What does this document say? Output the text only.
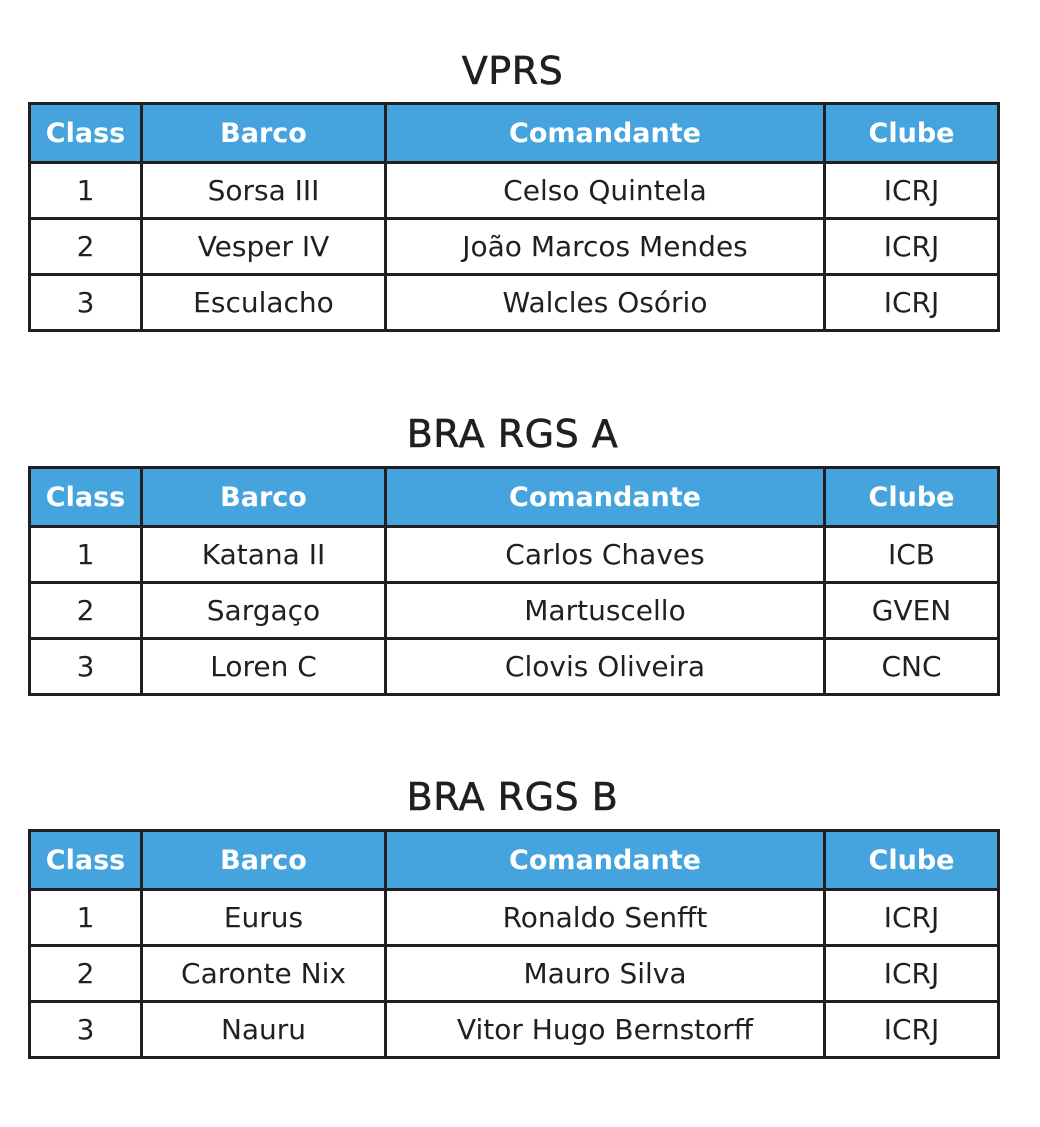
VPRS
Class	Barco	Comandante	Clube
1	Sorsa III	Celso Quintela	ICRJ
2	Vesper IV	João Marcos Mendes	ICRJ
3	Esculacho	Walcles Osório	ICRJ
BRA RGS A
Class	Barco	Comandante	Clube
1	Katana II	Carlos Chaves	ICB
2	Sargaço	Martuscello	GVEN
3	Loren C	Clovis Oliveira	CNC
BRA RGS B
Class	Barco	Comandante	Clube
1	Eurus	Ronaldo Senfft	ICRJ
2	Caronte Nix	Mauro Silva	ICRJ
3	Nauru	Vitor Hugo Bernstorff	ICRJ
